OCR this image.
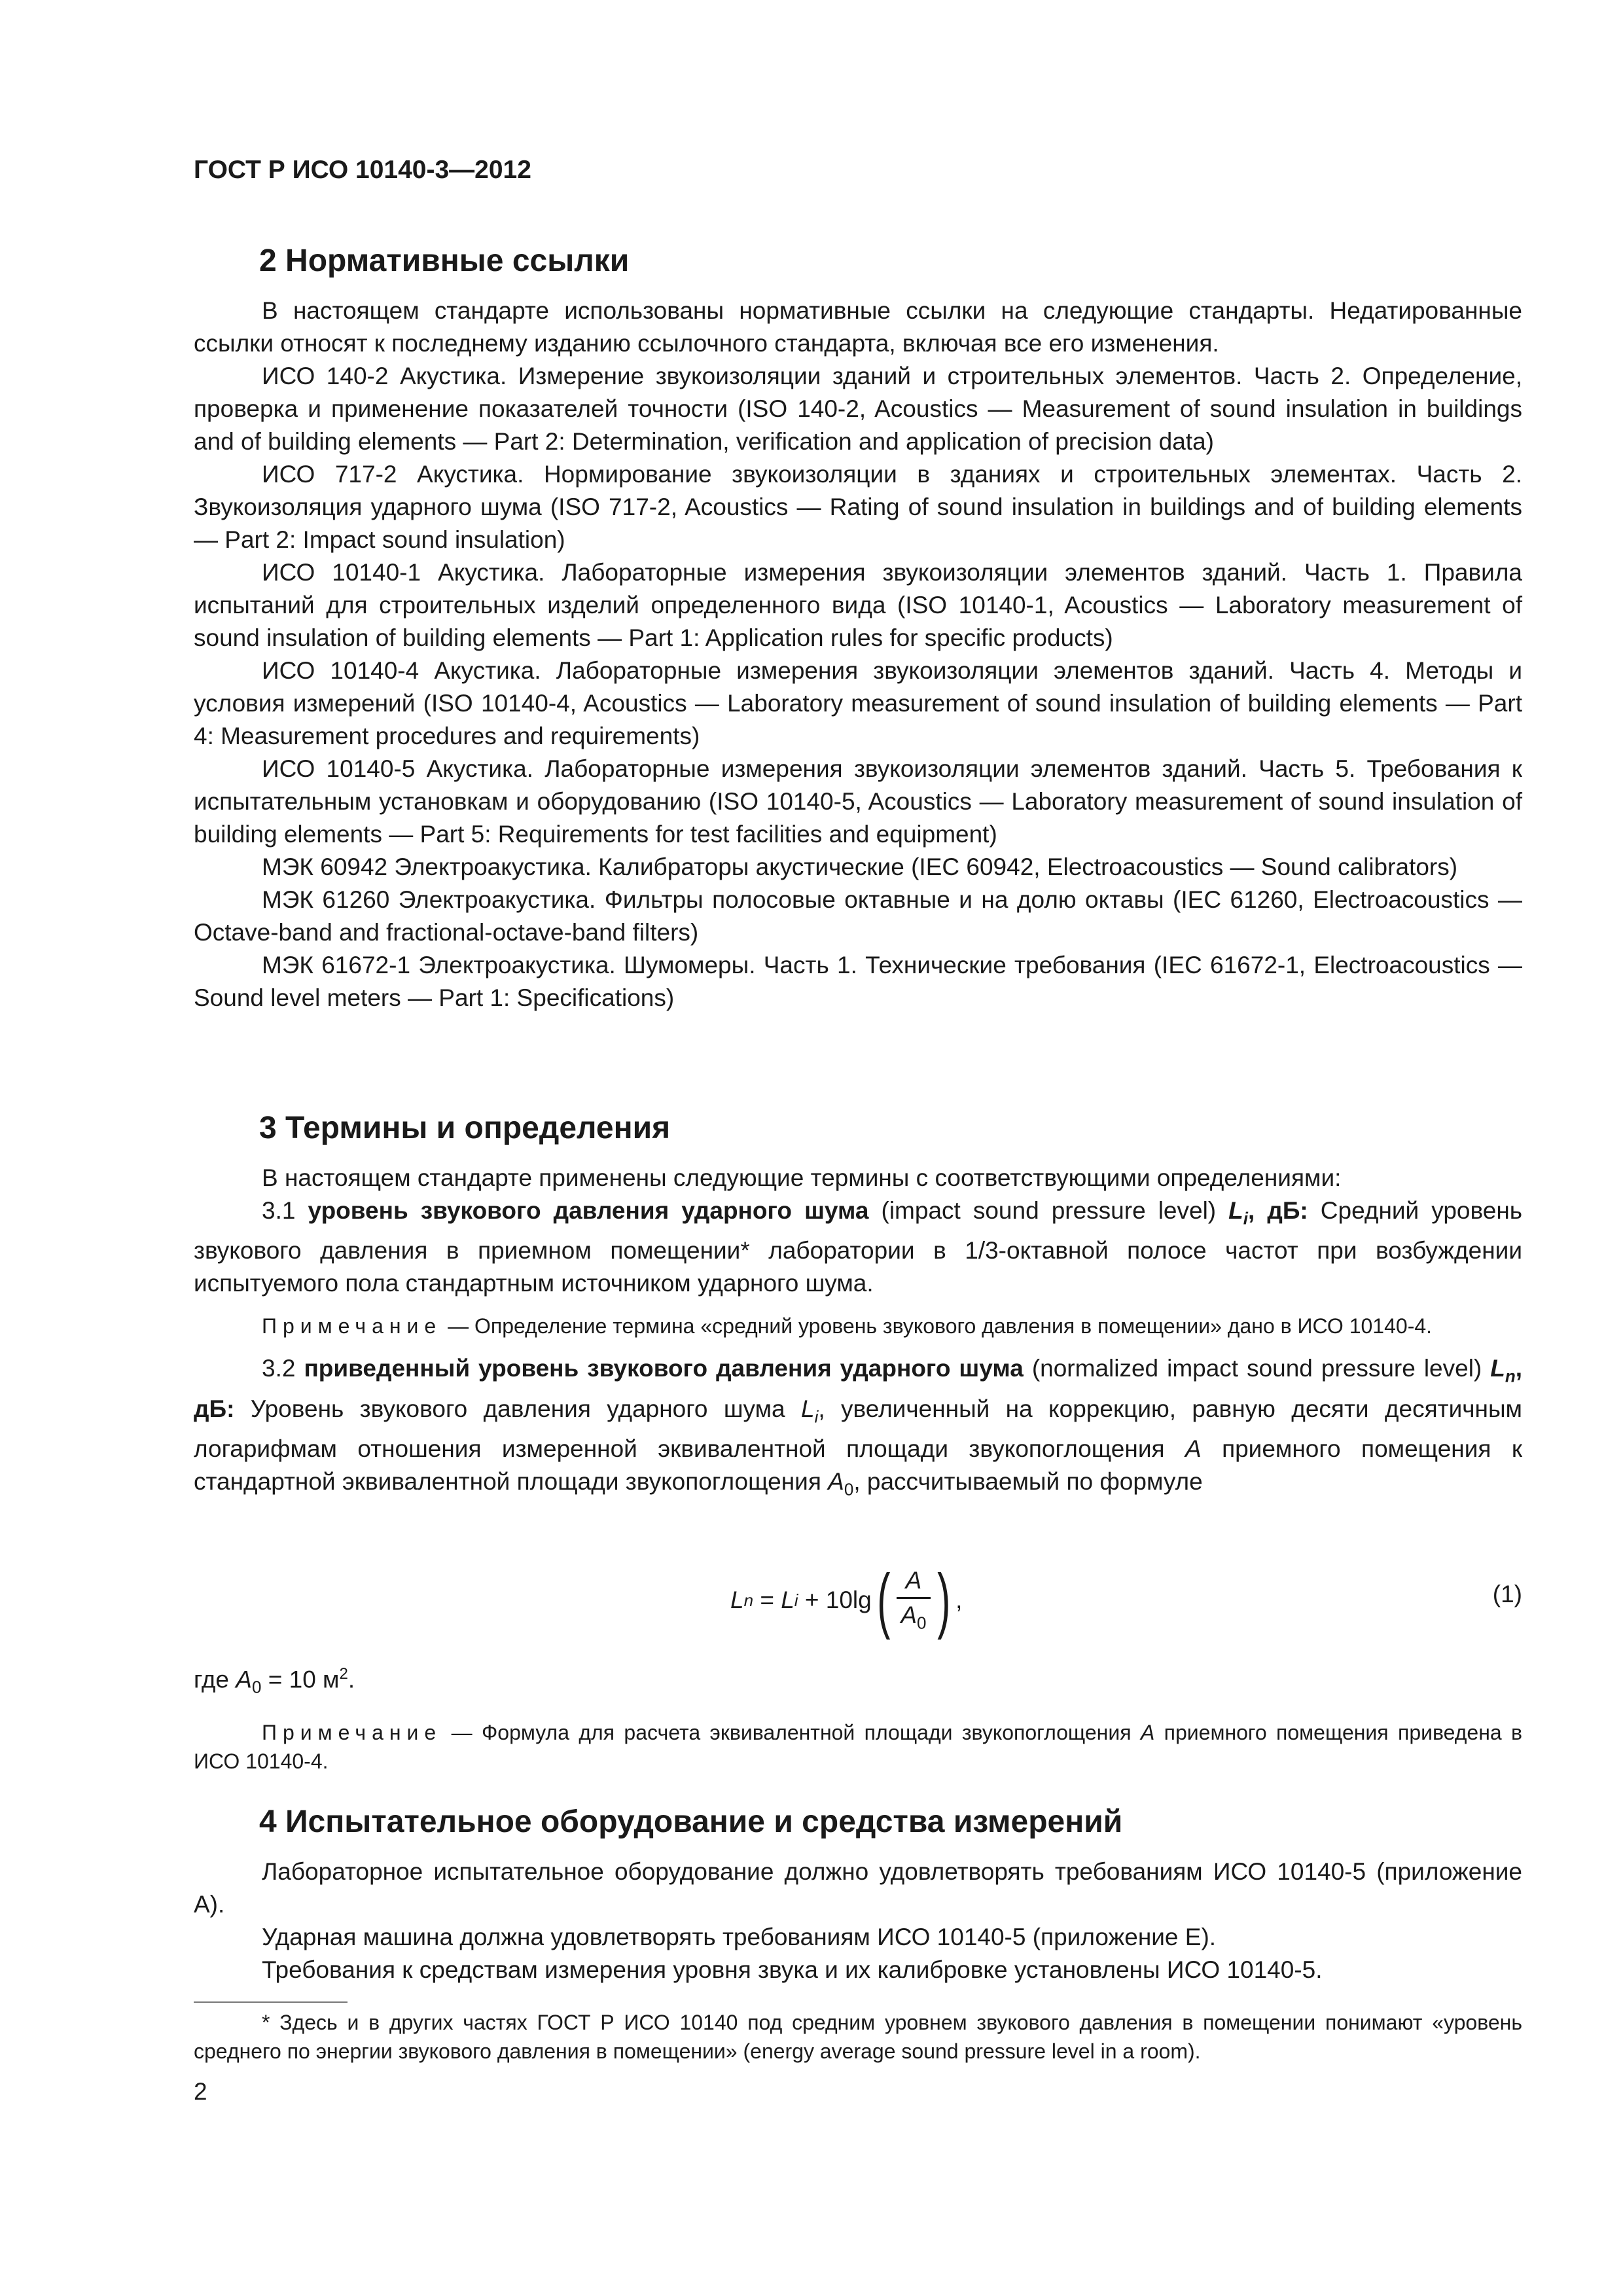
ГОСТ Р ИСО 10140-3—2012
2 Нормативные ссылки

В настоящем стандарте использованы нормативные ссылки на следующие стандарты. Недатированные ссылки относят к последнему изданию ссылочного стандарта, включая все его изменения.

ИСО 140-2 Акустика. Измерение звукоизоляции зданий и строительных элементов. Часть 2. Определение, проверка и применение показателей точности (ISO 140-2, Acoustics — Measurement of sound insulation in buildings and of building elements — Part 2: Determination, verification and application of precision data)

ИСО 717-2 Акустика. Нормирование звукоизоляции в зданиях и строительных элементах. Часть 2. Звукоизоляция ударного шума (ISO 717-2, Acoustics — Rating of sound insulation in buildings and of building elements — Part 2: Impact sound insulation)

ИСО 10140-1 Акустика. Лабораторные измерения звукоизоляции элементов зданий. Часть 1. Правила испытаний для строительных изделий определенного вида (ISO 10140-1, Acoustics — Laboratory measurement of sound insulation of building elements — Part 1: Application rules for specific products)

ИСО 10140-4 Акустика. Лабораторные измерения звукоизоляции элементов зданий. Часть 4. Методы и условия измерений (ISO 10140-4, Acoustics — Laboratory measurement of sound insulation of building elements — Part 4: Measurement procedures and requirements)

ИСО 10140-5 Акустика. Лабораторные измерения звукоизоляции элементов зданий. Часть 5. Требования к испытательным установкам и оборудованию (ISO 10140-5, Acoustics — Laboratory measurement of sound insulation of building elements — Part 5: Requirements for test facilities and equipment)

МЭК 60942 Электроакустика. Калибраторы акустические (IEC 60942, Electroacoustics — Sound calibrators)

МЭК 61260 Электроакустика. Фильтры полосовые октавные и на долю октавы (IEC 61260, Electroacoustics — Octave-band and fractional-octave-band filters)

МЭК 61672-1 Электроакустика. Шумомеры. Часть 1. Технические требования (IEC 61672-1, Electroacoustics — Sound level meters — Part 1: Specifications)

3 Термины и определения

В настоящем стандарте применены следующие термины с соответствующими определениями:

3.1 уровень звукового давления ударного шума (impact sound pressure level) $L_i$, дБ: Средний уровень звукового давления в приемном помещении* лаборатории в 1/3-октавной полосе частот при возбуждении испытуемого пола стандартным источником ударного шума.

Примечание — Определение термина «средний уровень звукового давления в помещении» дано в ИСО 10140-4.

3.2 приведенный уровень звукового давления ударного шума (normalized impact sound pressure level) $L_n$, дБ: Уровень звукового давления ударного шума $L_i$, увеличенный на коррекцию, равную десяти десятичным логарифмам отношения измеренной эквивалентной площади звукопоглощения A приемного помещения к стандартной эквивалентной площади звукопоглощения $A_0$, рассчитываемый по формуле

L n = L i + 10lg ( $\frac{A}{A_0}$ ) ,	(1)

где $A_0 = 10$ $м^2$.

Примечание — Формула для расчета эквивалентной площади звукопоглощения A приемного помещения приведена в ИСО 10140-4.

4 Испытательное оборудование и средства измерений

Лабораторное испытательное оборудование должно удовлетворять требованиям ИСО 10140-5 (приложение А).

Ударная машина должна удовлетворять требованиям ИСО 10140-5 (приложение Е).

Требования к средствам измерения уровня звука и их калибровке установлены ИСО 10140-5.

* Здесь и в других частях ГОСТ Р ИСО 10140 под средним уровнем звукового давления в помещении понимают «уровень среднего по энергии звукового давления в помещении» (energy average sound pressure level in a room).

2
